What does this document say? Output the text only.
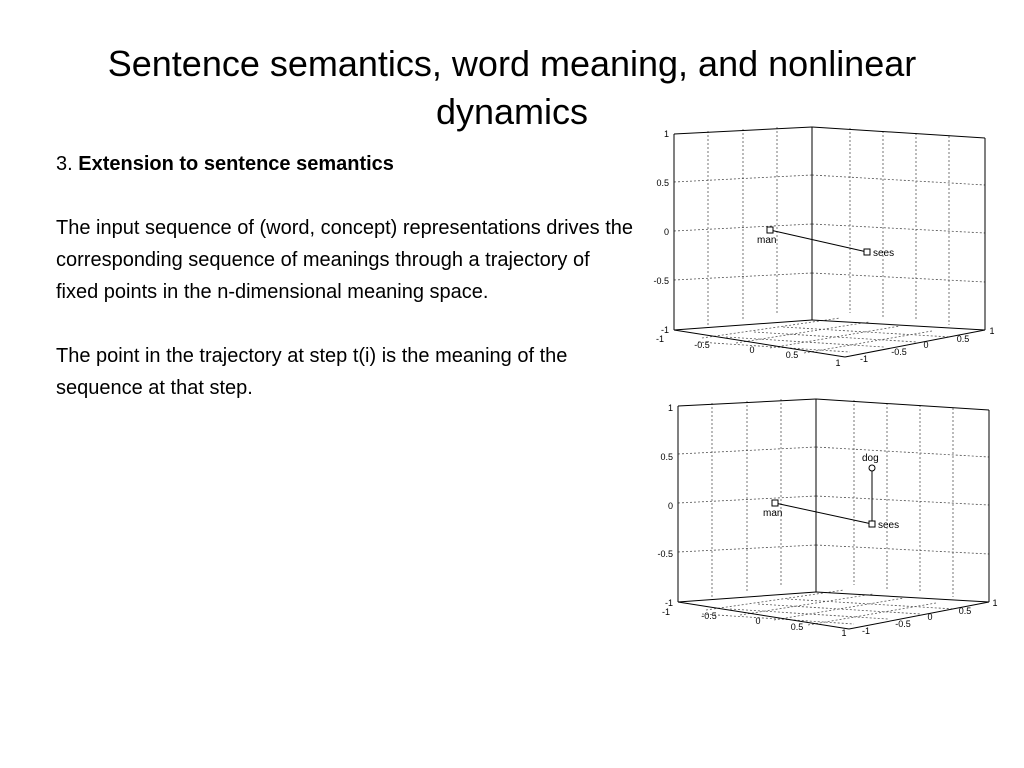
Sentence semantics, word meaning, and nonlinear
dynamics

3. Extension to sentence semantics

The input sequence of (word, concept) representations drives the corresponding sequence of meanings through a trajectory of fixed points in the n-dimensional meaning space.

The point in the trajectory at step t(i) is the meaning of the sequence at that step.

1
0.5
0
-0.5
-1
-1
-0.5	0	0.5
1 -1
-0.5
0
0.5
1
man
sees
1
0.5
0
-0.5
-1
-1	-0.5	0
0.5
1 -1
-0.5
0
0.5
1
man
sees
dog
